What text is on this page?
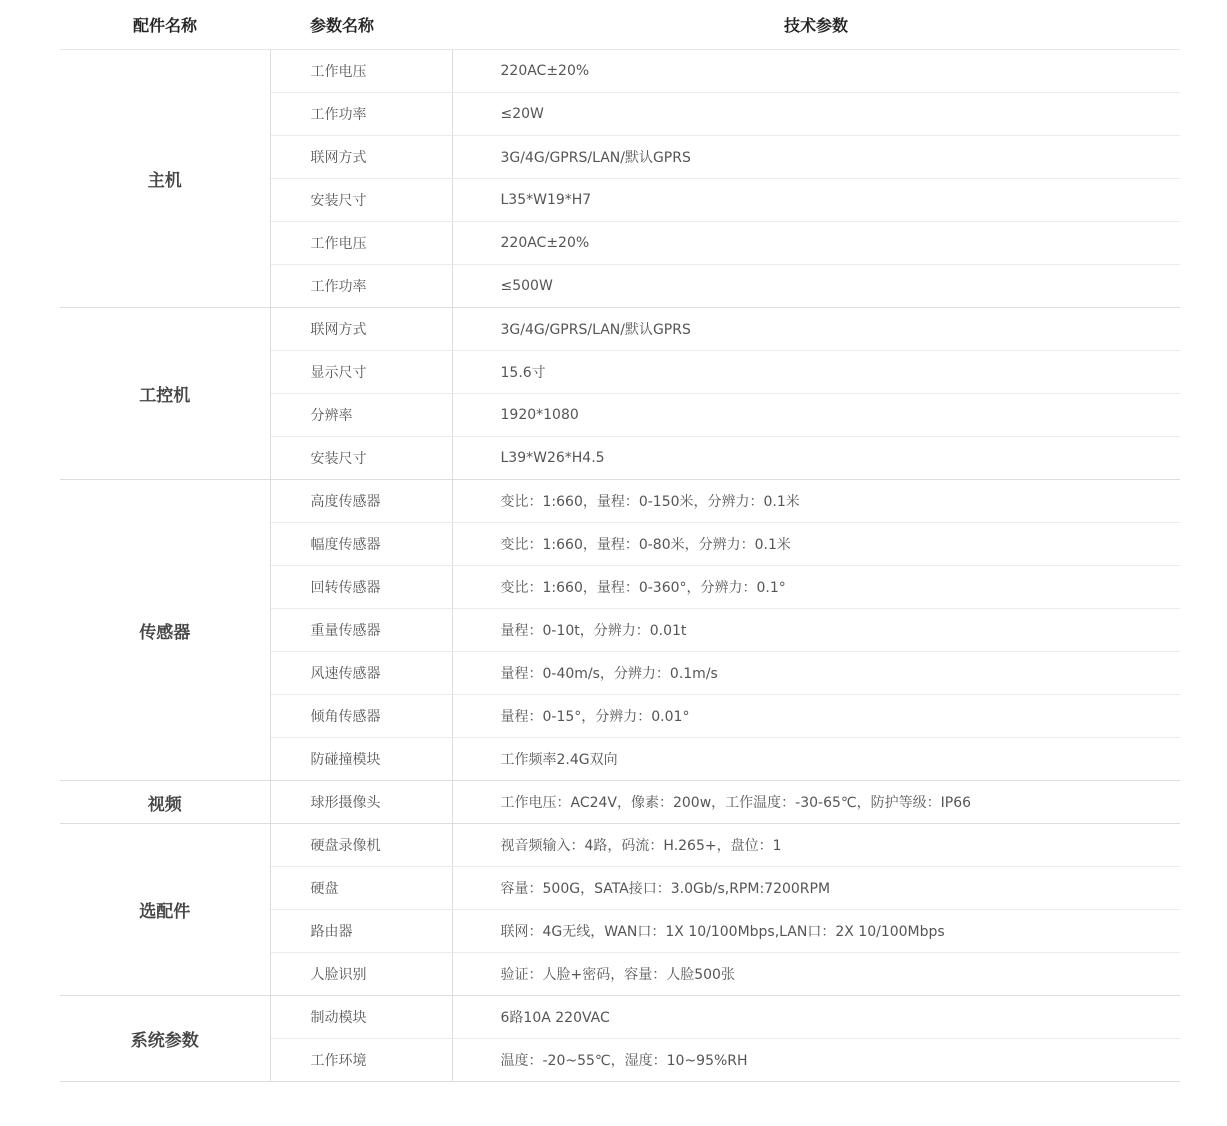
配件名称	参数名称	技术参数
主机	工作电压	220AC±20%
	工作功率	≤20W
	联网方式	3G/4G/GPRS/LAN/默认GPRS
	安装尺寸	L35*W19*H7
	工作电压	220AC±20%
	工作功率	≤500W
工控机	联网方式	3G/4G/GPRS/LAN/默认GPRS
	显示尺寸	15.6寸
	分辨率	1920*1080
	安装尺寸	L39*W26*H4.5
传感器	高度传感器	变比：1:660，量程：0-150米，分辨力：0.1米
	幅度传感器	变比：1:660，量程：0-80米，分辨力：0.1米
	回转传感器	变比：1:660，量程：0-360°，分辨力：0.1°
	重量传感器	量程：0-10t，分辨力：0.01t
	风速传感器	量程：0-40m/s，分辨力：0.1m/s
	倾角传感器	量程：0-15°，分辨力：0.01°
	防碰撞模块	工作频率2.4G双向
视频	球形摄像头	工作电压：AC24V，像素：200w，工作温度：-30-65℃，防护等级：IP66
选配件	硬盘录像机	视音频输入：4路，码流：H.265+，盘位：1
	硬盘	容量：500G，SATA接口：3.0Gb/s,RPM:7200RPM
	路由器	联网：4G无线，WAN口：1X 10/100Mbps,LAN口：2X 10/100Mbps
	人脸识别	验证：人脸+密码，容量：人脸500张
系统参数	制动模块	6路10A 220VAC
	工作环境	温度：-20~55℃，湿度：10~95%RH
